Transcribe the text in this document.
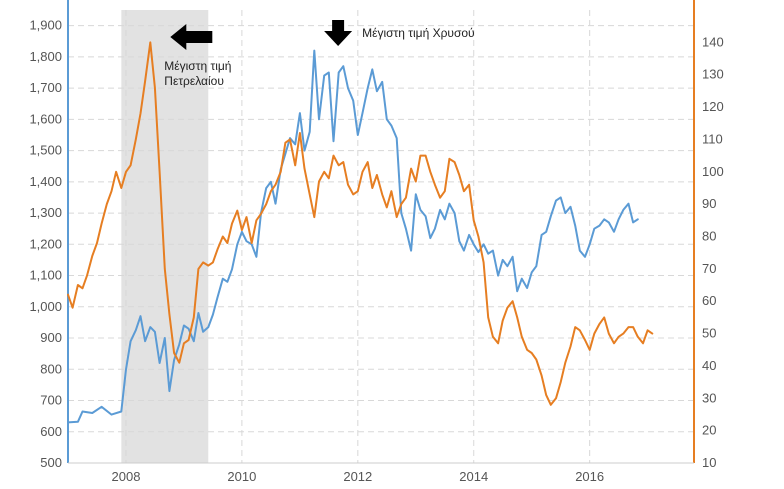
500
600
700
800
900
1,000
1,100
1,200
1,300
1,400
1,500
1,600
1,700
1,800
1,900
10
20
30
40
50
60
70
80
90
100
110
120
130
140
2008	2010	2012	2014	2016
Μέγιστη τιμή
Πετρελαίου
Μέγιστη τιμή Χρυσού
